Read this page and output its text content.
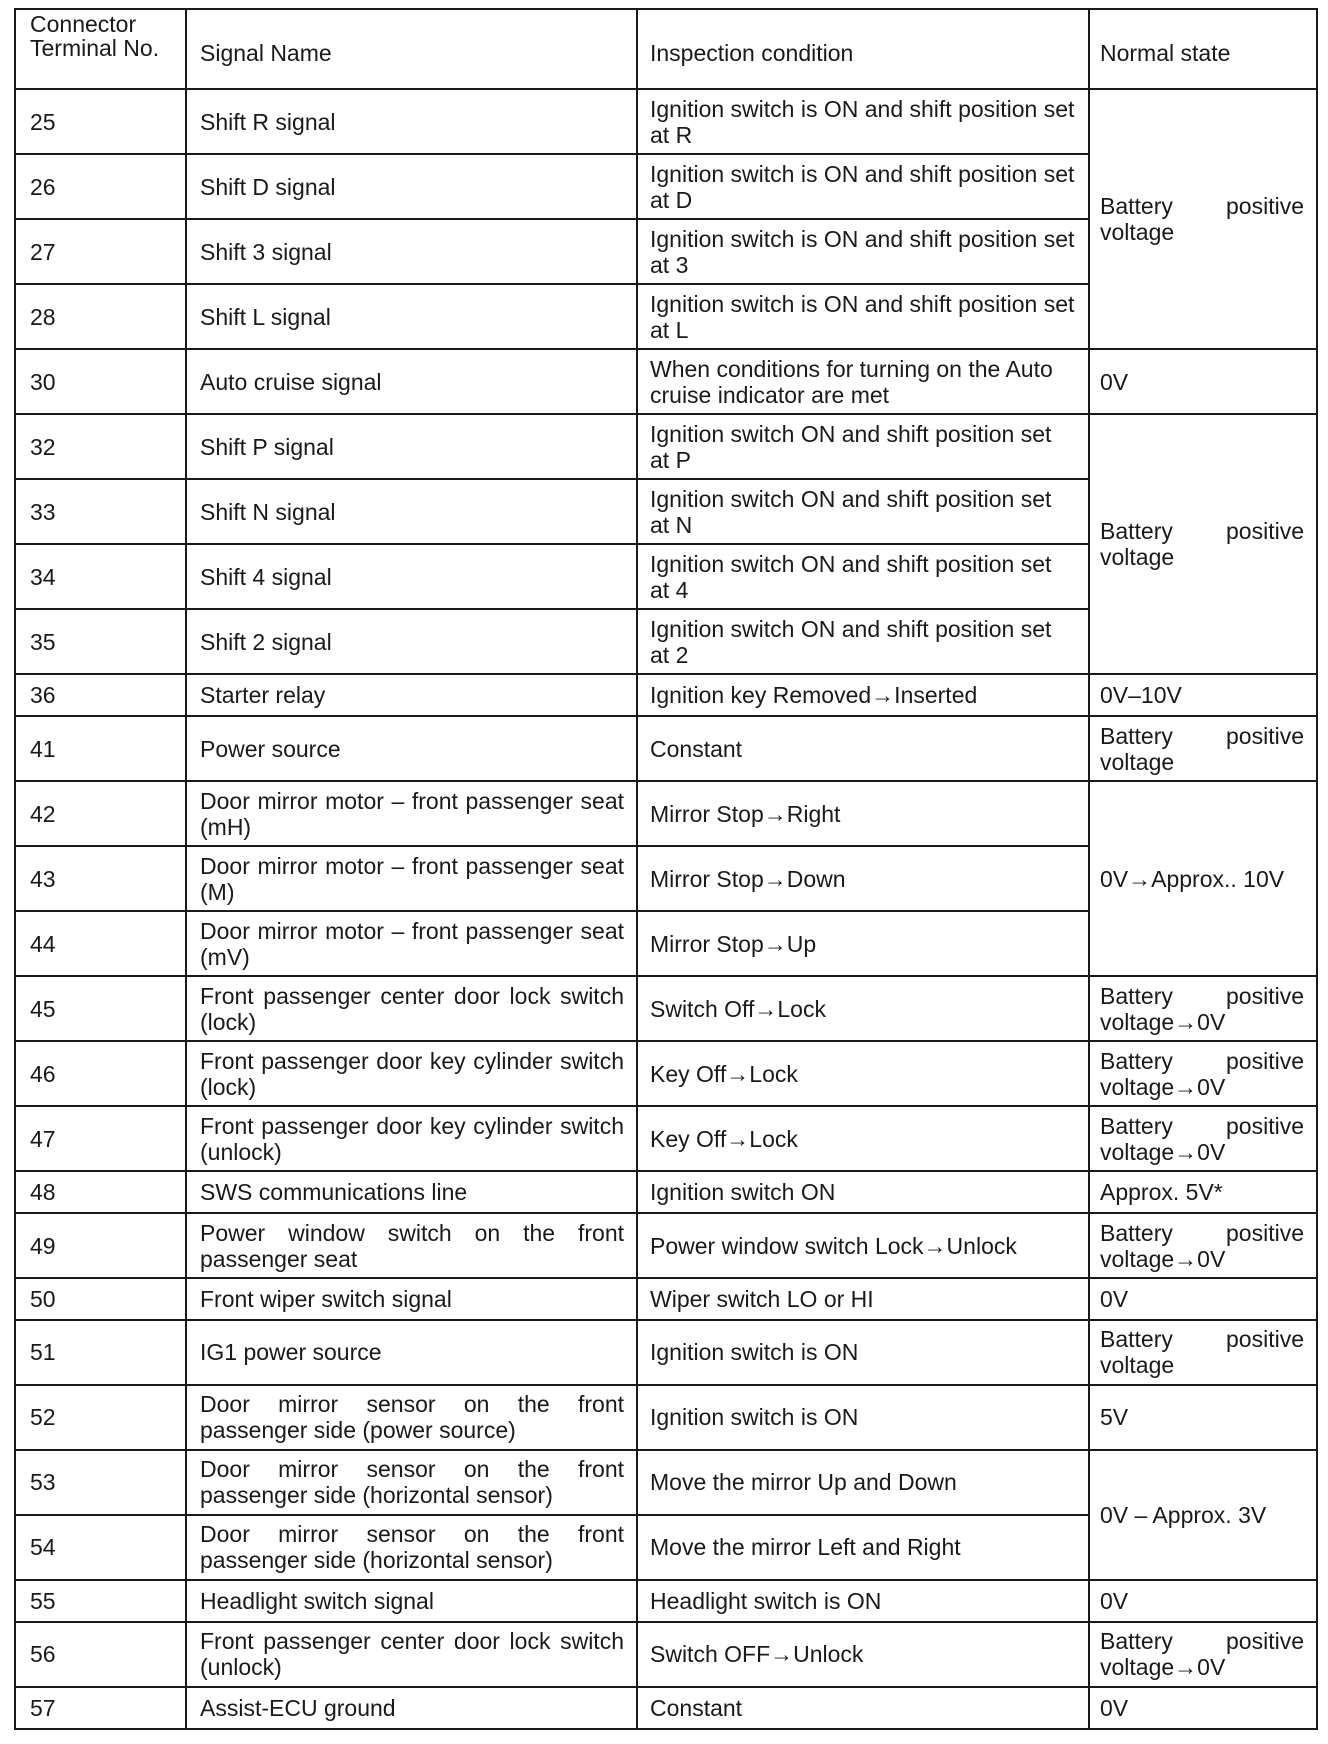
Connector
Terminal No.	Signal Name	Inspection condition	Normal state
25	Shift R signal	Ignition switch is ON and shift position set at R	Battery positive voltage
26	Shift D signal	Ignition switch is ON and shift position set at D	
27	Shift 3 signal	Ignition switch is ON and shift position set at 3	
28	Shift L signal	Ignition switch is ON and shift position set at L	
30	Auto cruise signal	When conditions for turning on the Auto cruise indicator are met	0V
32	Shift P signal	Ignition switch ON and shift position set at P	Battery positive voltage
33	Shift N signal	Ignition switch ON and shift position set at N	
34	Shift 4 signal	Ignition switch ON and shift position set at 4	
35	Shift 2 signal	Ignition switch ON and shift position set at 2	
36	Starter relay	Ignition key Removed→Inserted	0V–10V
41	Power source	Constant	Battery positive voltage
42	Door mirror motor – front passenger seat (mH)	Mirror Stop→Right	0V→Approx.. 10V
43	Door mirror motor – front passenger seat (M)	Mirror Stop→Down	
44	Door mirror motor – front passenger seat (mV)	Mirror Stop→Up	
45	Front passenger center door lock switch (lock)	Switch Off→Lock	Battery positive voltage→0V
46	Front passenger door key cylinder switch (lock)	Key Off→Lock	Battery positive voltage→0V
47	Front passenger door key cylinder switch (unlock)	Key Off→Lock	Battery positive voltage→0V
48	SWS communications line	Ignition switch ON	Approx. 5V*
49	Power window switch on the front passenger seat	Power window switch Lock→Unlock	Battery positive voltage→0V
50	Front wiper switch signal	Wiper switch LO or HI	0V
51	IG1 power source	Ignition switch is ON	Battery positive voltage
52	Door mirror sensor on the front passenger side (power source)	Ignition switch is ON	5V
53	Door mirror sensor on the front passenger side (horizontal sensor)	Move the mirror Up and Down	0V – Approx. 3V
54	Door mirror sensor on the front passenger side (horizontal sensor)	Move the mirror Left and Right	
55	Headlight switch signal	Headlight switch is ON	0V
56	Front passenger center door lock switch (unlock)	Switch OFF→Unlock	Battery positive voltage→0V
57	Assist-ECU ground	Constant	0V
